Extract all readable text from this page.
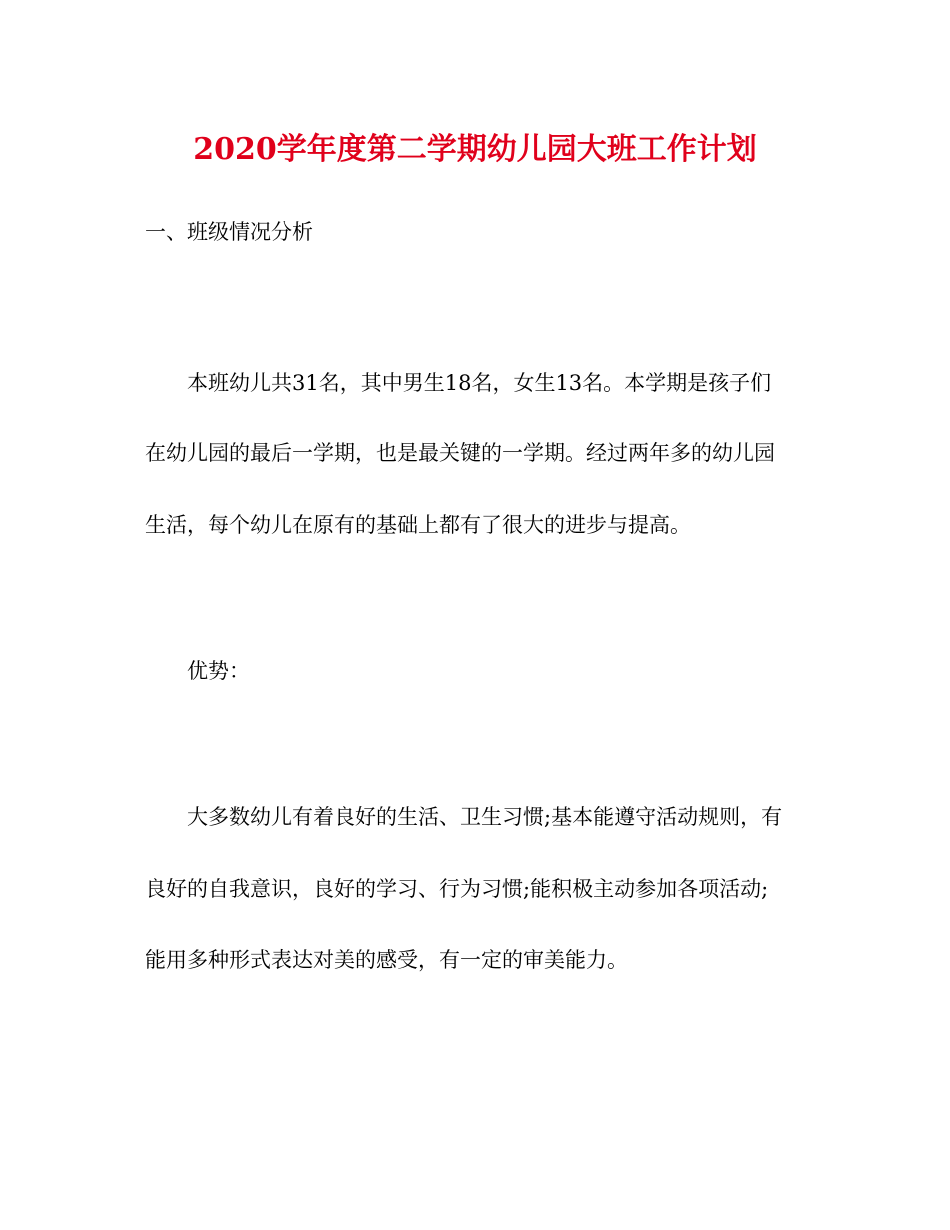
2020学年度第二学期幼儿园大班工作计划
一、班级情况分析
本班幼儿共31名，其中男生18名，女生13名。本学期是孩子们
在幼儿园的最后一学期，也是最关键的一学期。经过两年多的幼儿园
生活，每个幼儿在原有的基础上都有了很大的进步与提高。
优势：
大多数幼儿有着良好的生活、卫生习惯;基本能遵守活动规则，有
良好的自我意识，良好的学习、行为习惯;能积极主动参加各项活动;
能用多种形式表达对美的感受，有一定的审美能力。
